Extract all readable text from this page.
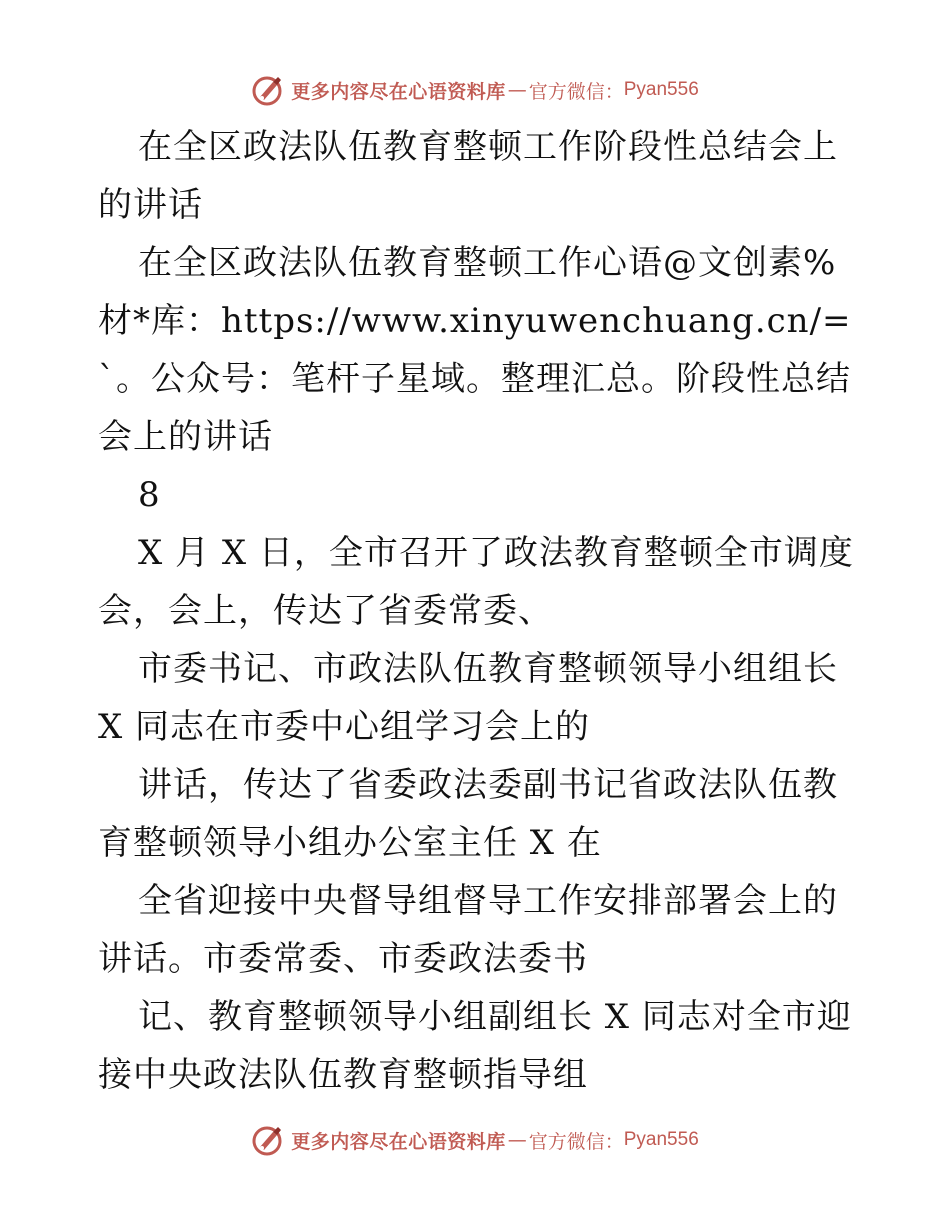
更多内容尽在心语资料库 — 官方微信： Pyan556

在全区政法队伍教育整顿工作阶段性总结会上的讲话

在全区政法队伍教育整顿工作心语@文创素%材*库：https://www.xinyuwenchuang.cn/=`。公众号：笔杆子星域。整理汇总。阶段性总结会上的讲话

8

X 月 X 日，全市召开了政法教育整顿全市调度会，会上，传达了省委常委、

市委书记、市政法队伍教育整顿领导小组组长 X 同志在市委中心组学习会上的

讲话，传达了省委政法委副书记省政法队伍教育整顿领导小组办公室主任 X 在

全省迎接中央督导组督导工作安排部署会上的讲话。市委常委、市委政法委书

记、教育整顿领导小组副组长 X 同志对全市迎接中央政法队伍教育整顿指导组

更多内容尽在心语资料库 — 官方微信： Pyan556
